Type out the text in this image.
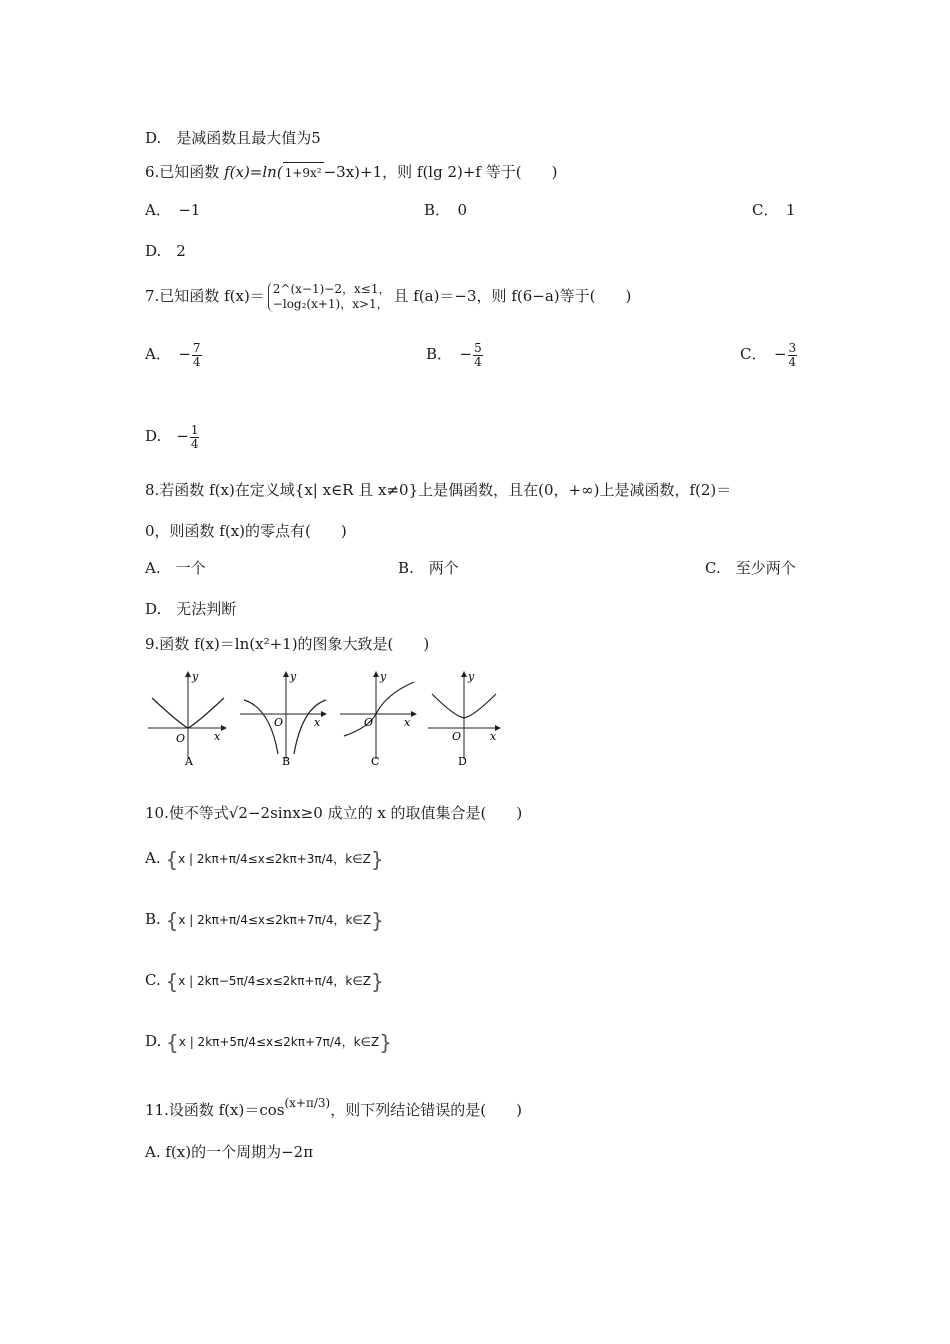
D.　是减函数且最大值为5
6.已知函数 f(x)=ln( 1+9x² −3x)+1，则 f(lg 2)+f 等于(　　)
A．　−1	B．　0	C．　1
D.　2
7.已知函数 f(x)＝ 2^(x−1)−2，x≤1，
−log₂(x+1)，x>1， 且 f(a)＝−3，则 f(6−a)等于(　　)
A．　− $\frac{7}{4}$	B．　− $\frac{5}{4}$	C．　− $\frac{3}{4}$
D.　− $\frac{1}{4}$
8.若函数 f(x)在定义域{x| x∈R 且 x≠0}上是偶函数，且在(0，+∞)上是减函数，f(2)＝
0，则函数 f(x)的零点有(　　)
A.　一个	B.　两个	C.　至少两个
D.　无法判断
9.函数 f(x)＝ln(x²+1)的图象大致是(　　)
y
x
O
A
y
x
O
B
y
x
O
C
y
x
O
D
10.使不等式√2−2sinx≥0 成立的 x 的取值集合是(　　)
A. {x | 2kπ+π/4≤x≤2kπ+3π/4，k∈Z}
B. {x | 2kπ+π/4≤x≤2kπ+7π/4，k∈Z}
C. {x | 2kπ−5π/4≤x≤2kπ+π/4，k∈Z}
D. {x | 2kπ+5π/4≤x≤2kπ+7π/4，k∈Z}
11.设函数 $f(x)=\cos^{(x+\pi/3)}$，则下列结论错误的是(　　)
A. f(x)的一个周期为−2π
